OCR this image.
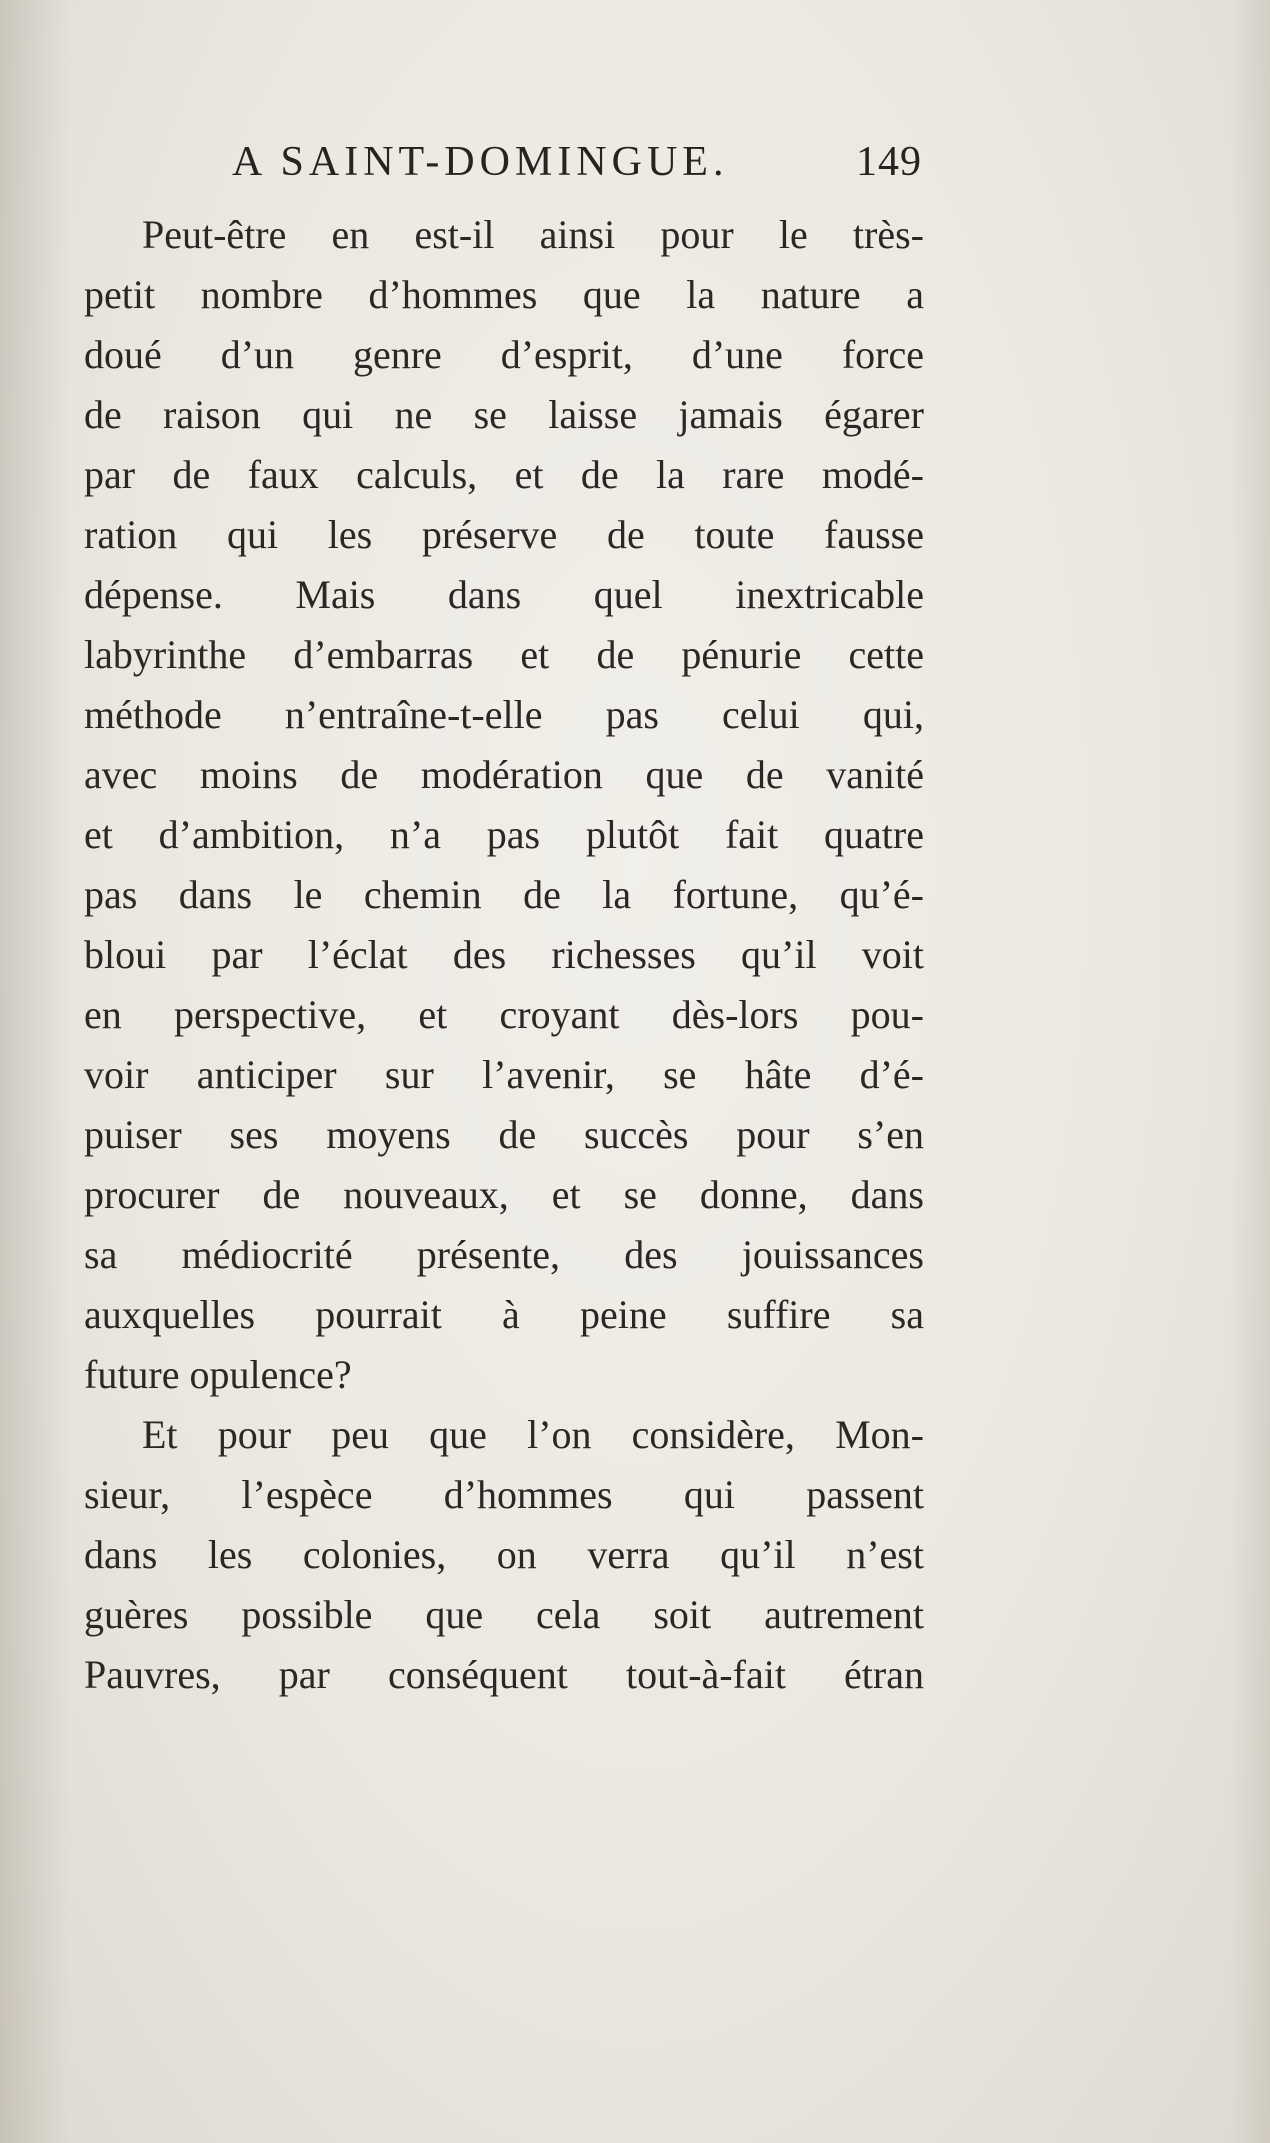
A SAINT-DOMINGUE.	149
Peut-être en est-il ainsi pour le très-
petit nombre d’hommes que la nature a
doué d’un genre d’esprit, d’une force
de raison qui ne se laisse jamais égarer
par de faux calculs, et de la rare modé-
ration qui les préserve de toute fausse
dépense. Mais dans quel inextricable
labyrinthe d’embarras et de pénurie cette
méthode n’entraîne-t-elle pas celui qui,
avec moins de modération que de vanité
et d’ambition, n’a pas plutôt fait quatre
pas dans le chemin de la fortune, qu’é-
bloui par l’éclat des richesses qu’il voit
en perspective, et croyant dès-lors pou-
voir anticiper sur l’avenir, se hâte d’é-
puiser ses moyens de succès pour s’en
procurer de nouveaux, et se donne, dans
sa médiocrité présente, des jouissances
auxquelles pourrait à peine suffire sa
future opulence?
Et pour peu que l’on considère, Mon-
sieur, l’espèce d’hommes qui passent
dans les colonies, on verra qu’il n’est
guères possible que cela soit autrement
Pauvres, par conséquent tout-à-fait étran
